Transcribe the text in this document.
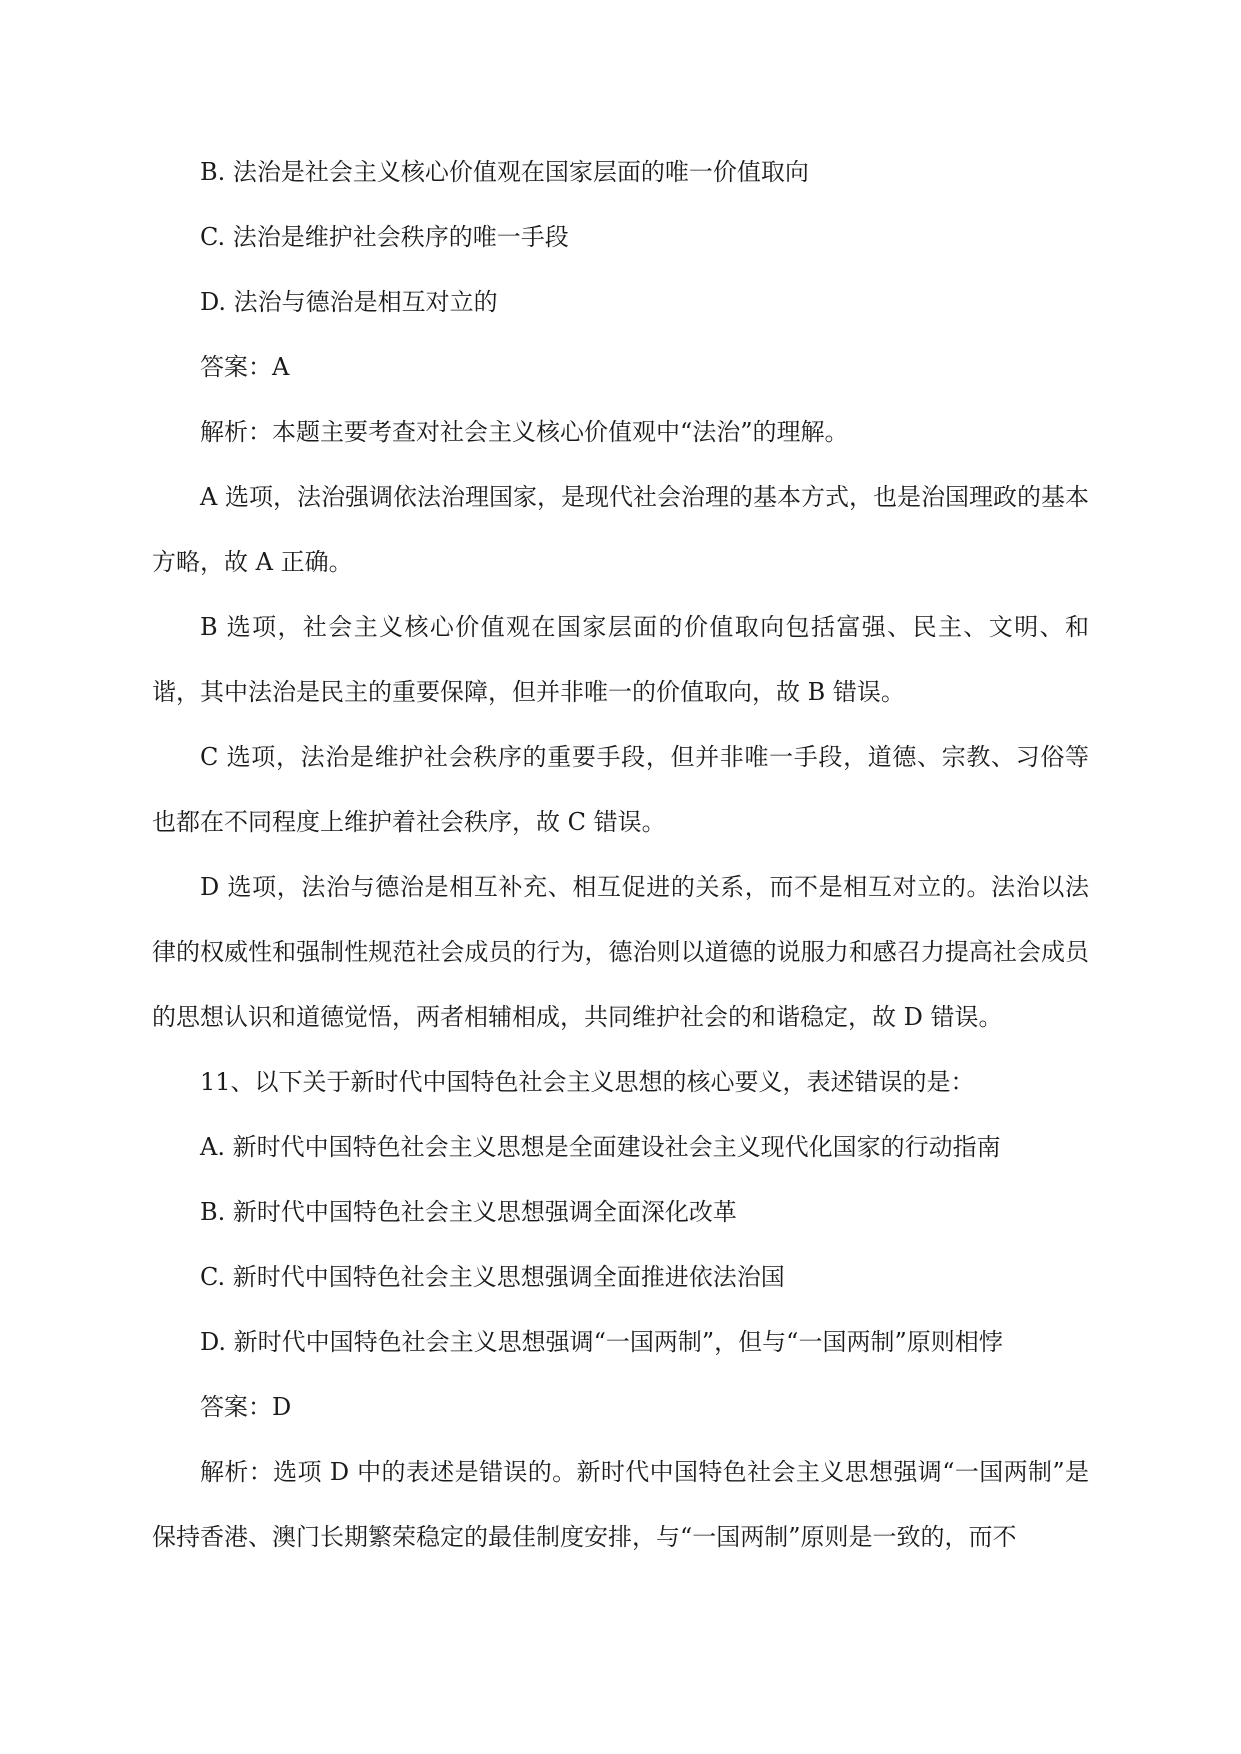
B. 法治是社会主义核心价值观在国家层面的唯一价值取向

C. 法治是维护社会秩序的唯一手段

D. 法治与德治是相互对立的

答案：A

解析：本题主要考查对社会主义核心价值观中“法治”的理解。

A 选项，法治强调依法治理国家，是现代社会治理的基本方式，也是治国理政的基本方略，故 A 正确。

B 选项，社会主义核心价值观在国家层面的价值取向包括富强、民主、文明、和谐，其中法治是民主的重要保障，但并非唯一的价值取向，故 B 错误。

C 选项，法治是维护社会秩序的重要手段，但并非唯一手段，道德、宗教、习俗等也都在不同程度上维护着社会秩序，故 C 错误。

D 选项，法治与德治是相互补充、相互促进的关系，而不是相互对立的。法治以法律的权威性和强制性规范社会成员的行为，德治则以道德的说服力和感召力提高社会成员的思想认识和道德觉悟，两者相辅相成，共同维护社会的和谐稳定，故 D 错误。

11、以下关于新时代中国特色社会主义思想的核心要义，表述错误的是：

A. 新时代中国特色社会主义思想是全面建设社会主义现代化国家的行动指南

B. 新时代中国特色社会主义思想强调全面深化改革

C. 新时代中国特色社会主义思想强调全面推进依法治国

D. 新时代中国特色社会主义思想强调“一国两制”，但与“一国两制”原则相悖

答案：D

解析：选项 D 中的表述是错误的。新时代中国特色社会主义思想强调“一国两制”是保持香港、澳门长期繁荣稳定的最佳制度安排，与“一国两制”原则是一致的，而不
